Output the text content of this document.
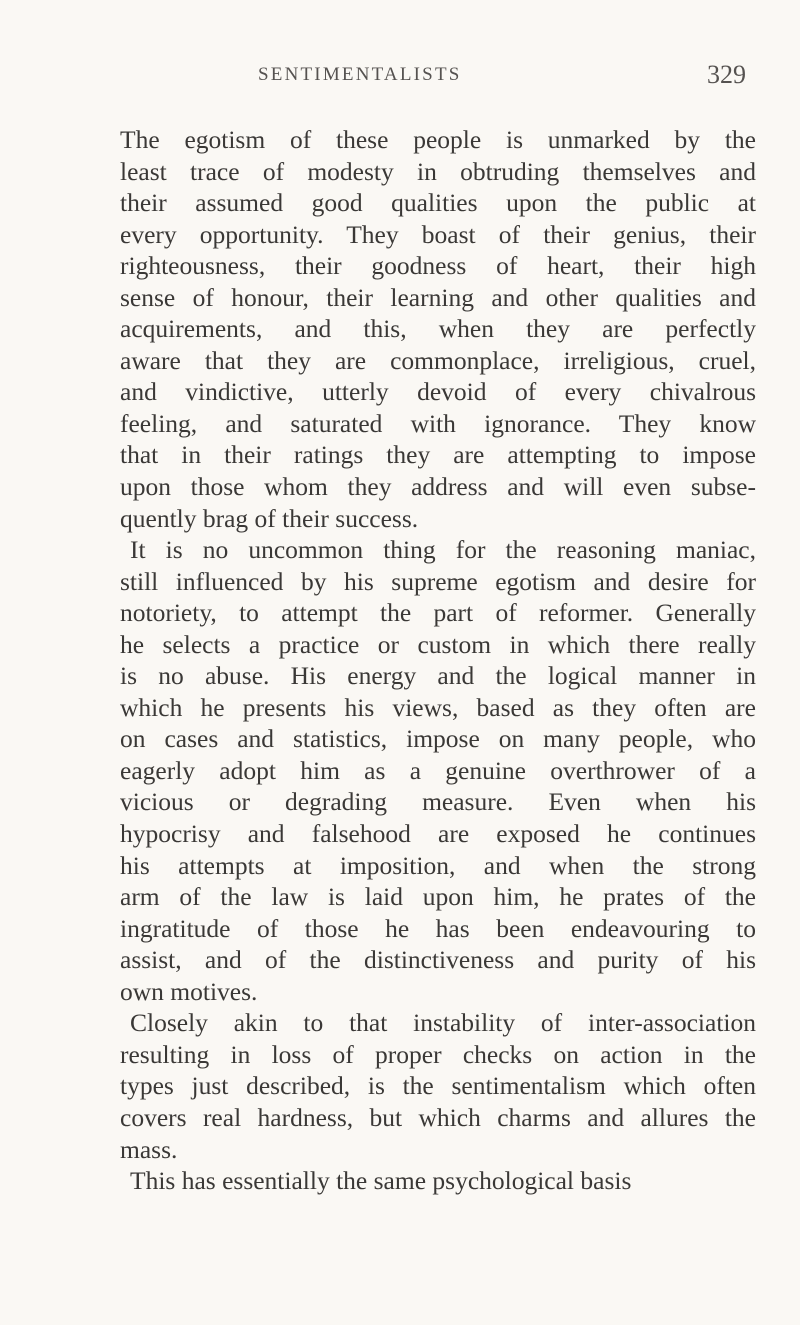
SENTIMENTALISTS	329
The egotism of these people is unmarked by the
least trace of modesty in obtruding themselves and
their assumed good qualities upon the public at
every opportunity. They boast of their genius, their
righteousness, their goodness of heart, their high
sense of honour, their learning and other qualities and
acquirements, and this, when they are perfectly
aware that they are commonplace, irreligious, cruel,
and vindictive, utterly devoid of every chivalrous
feeling, and saturated with ignorance. They know
that in their ratings they are attempting to impose
upon those whom they address and will even subse-
quently brag of their success.
It is no uncommon thing for the reasoning maniac,
still influenced by his supreme egotism and desire for
notoriety, to attempt the part of reformer. Generally
he selects a practice or custom in which there really
is no abuse. His energy and the logical manner in
which he presents his views, based as they often are
on cases and statistics, impose on many people, who
eagerly adopt him as a genuine overthrower of a
vicious or degrading measure. Even when his
hypocrisy and falsehood are exposed he continues
his attempts at imposition, and when the strong
arm of the law is laid upon him, he prates of the
ingratitude of those he has been endeavouring to
assist, and of the distinctiveness and purity of his
own motives.
Closely akin to that instability of inter-association
resulting in loss of proper checks on action in the
types just described, is the sentimentalism which often
covers real hardness, but which charms and allures the
mass.
This has essentially the same psychological basis
